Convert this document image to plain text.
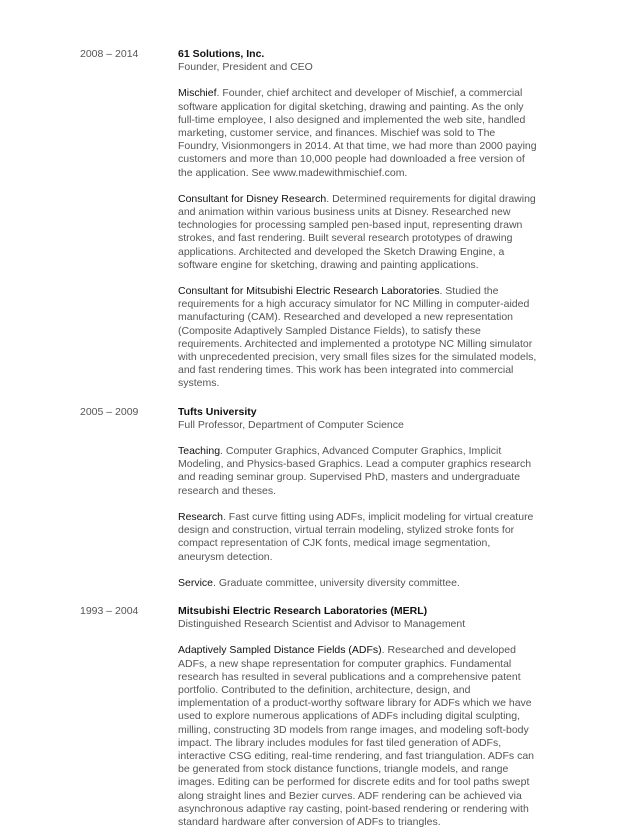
2008 – 2014	61 Solutions, Inc.
Founder, President and CEO

Mischief. Founder, chief architect and developer of Mischief, a commercial software application for digital sketching, drawing and painting. As the only full-time employee, I also designed and implemented the web site, handled marketing, customer service, and finances. Mischief was sold to The Foundry, Visionmongers in 2014. At that time, we had more than 2000 paying customers and more than 10,000 people had downloaded a free version of the application. See www.madewithmischief.com.

Consultant for Disney Research. Determined requirements for digital drawing and animation within various business units at Disney. Researched new technologies for processing sampled pen-based input, representing drawn strokes, and fast rendering. Built several research prototypes of drawing applications. Architected and developed the Sketch Drawing Engine, a software engine for sketching, drawing and painting applications.

Consultant for Mitsubishi Electric Research Laboratories. Studied the requirements for a high accuracy simulator for NC Milling in computer-aided manufacturing (CAM). Researched and developed a new representation (Composite Adaptively Sampled Distance Fields), to satisfy these requirements. Architected and implemented a prototype NC Milling simulator with unprecedented precision, very small files sizes for the simulated models, and fast rendering times. This work has been integrated into commercial systems.

2005 – 2009	Tufts University
Full Professor, Department of Computer Science

Teaching. Computer Graphics, Advanced Computer Graphics, Implicit Modeling, and Physics-based Graphics. Lead a computer graphics research and reading seminar group. Supervised PhD, masters and undergraduate research and theses.

Research. Fast curve fitting using ADFs, implicit modeling for virtual creature design and construction, virtual terrain modeling, stylized stroke fonts for compact representation of CJK fonts, medical image segmentation, aneurysm detection.

Service. Graduate committee, university diversity committee.

1993 – 2004	Mitsubishi Electric Research Laboratories (MERL)
Distinguished Research Scientist and Advisor to Management

Adaptively Sampled Distance Fields (ADFs). Researched and developed ADFs, a new shape representation for computer graphics. Fundamental research has resulted in several publications and a comprehensive patent portfolio. Contributed to the definition, architecture, design, and implementation of a product-worthy software library for ADFs which we have used to explore numerous applications of ADFs including digital sculpting, milling, constructing 3D models from range images, and modeling soft-body impact. The library includes modules for fast tiled generation of ADFs, interactive CSG editing, real-time rendering, and fast triangulation. ADFs can be generated from stock distance functions, triangle models, and range images. Editing can be performed for discrete edits and for tool paths swept along straight lines and Bezier curves. ADF rendering can be achieved via asynchronous adaptive ray casting, point-based rendering or rendering with standard hardware after conversion of ADFs to triangles.
